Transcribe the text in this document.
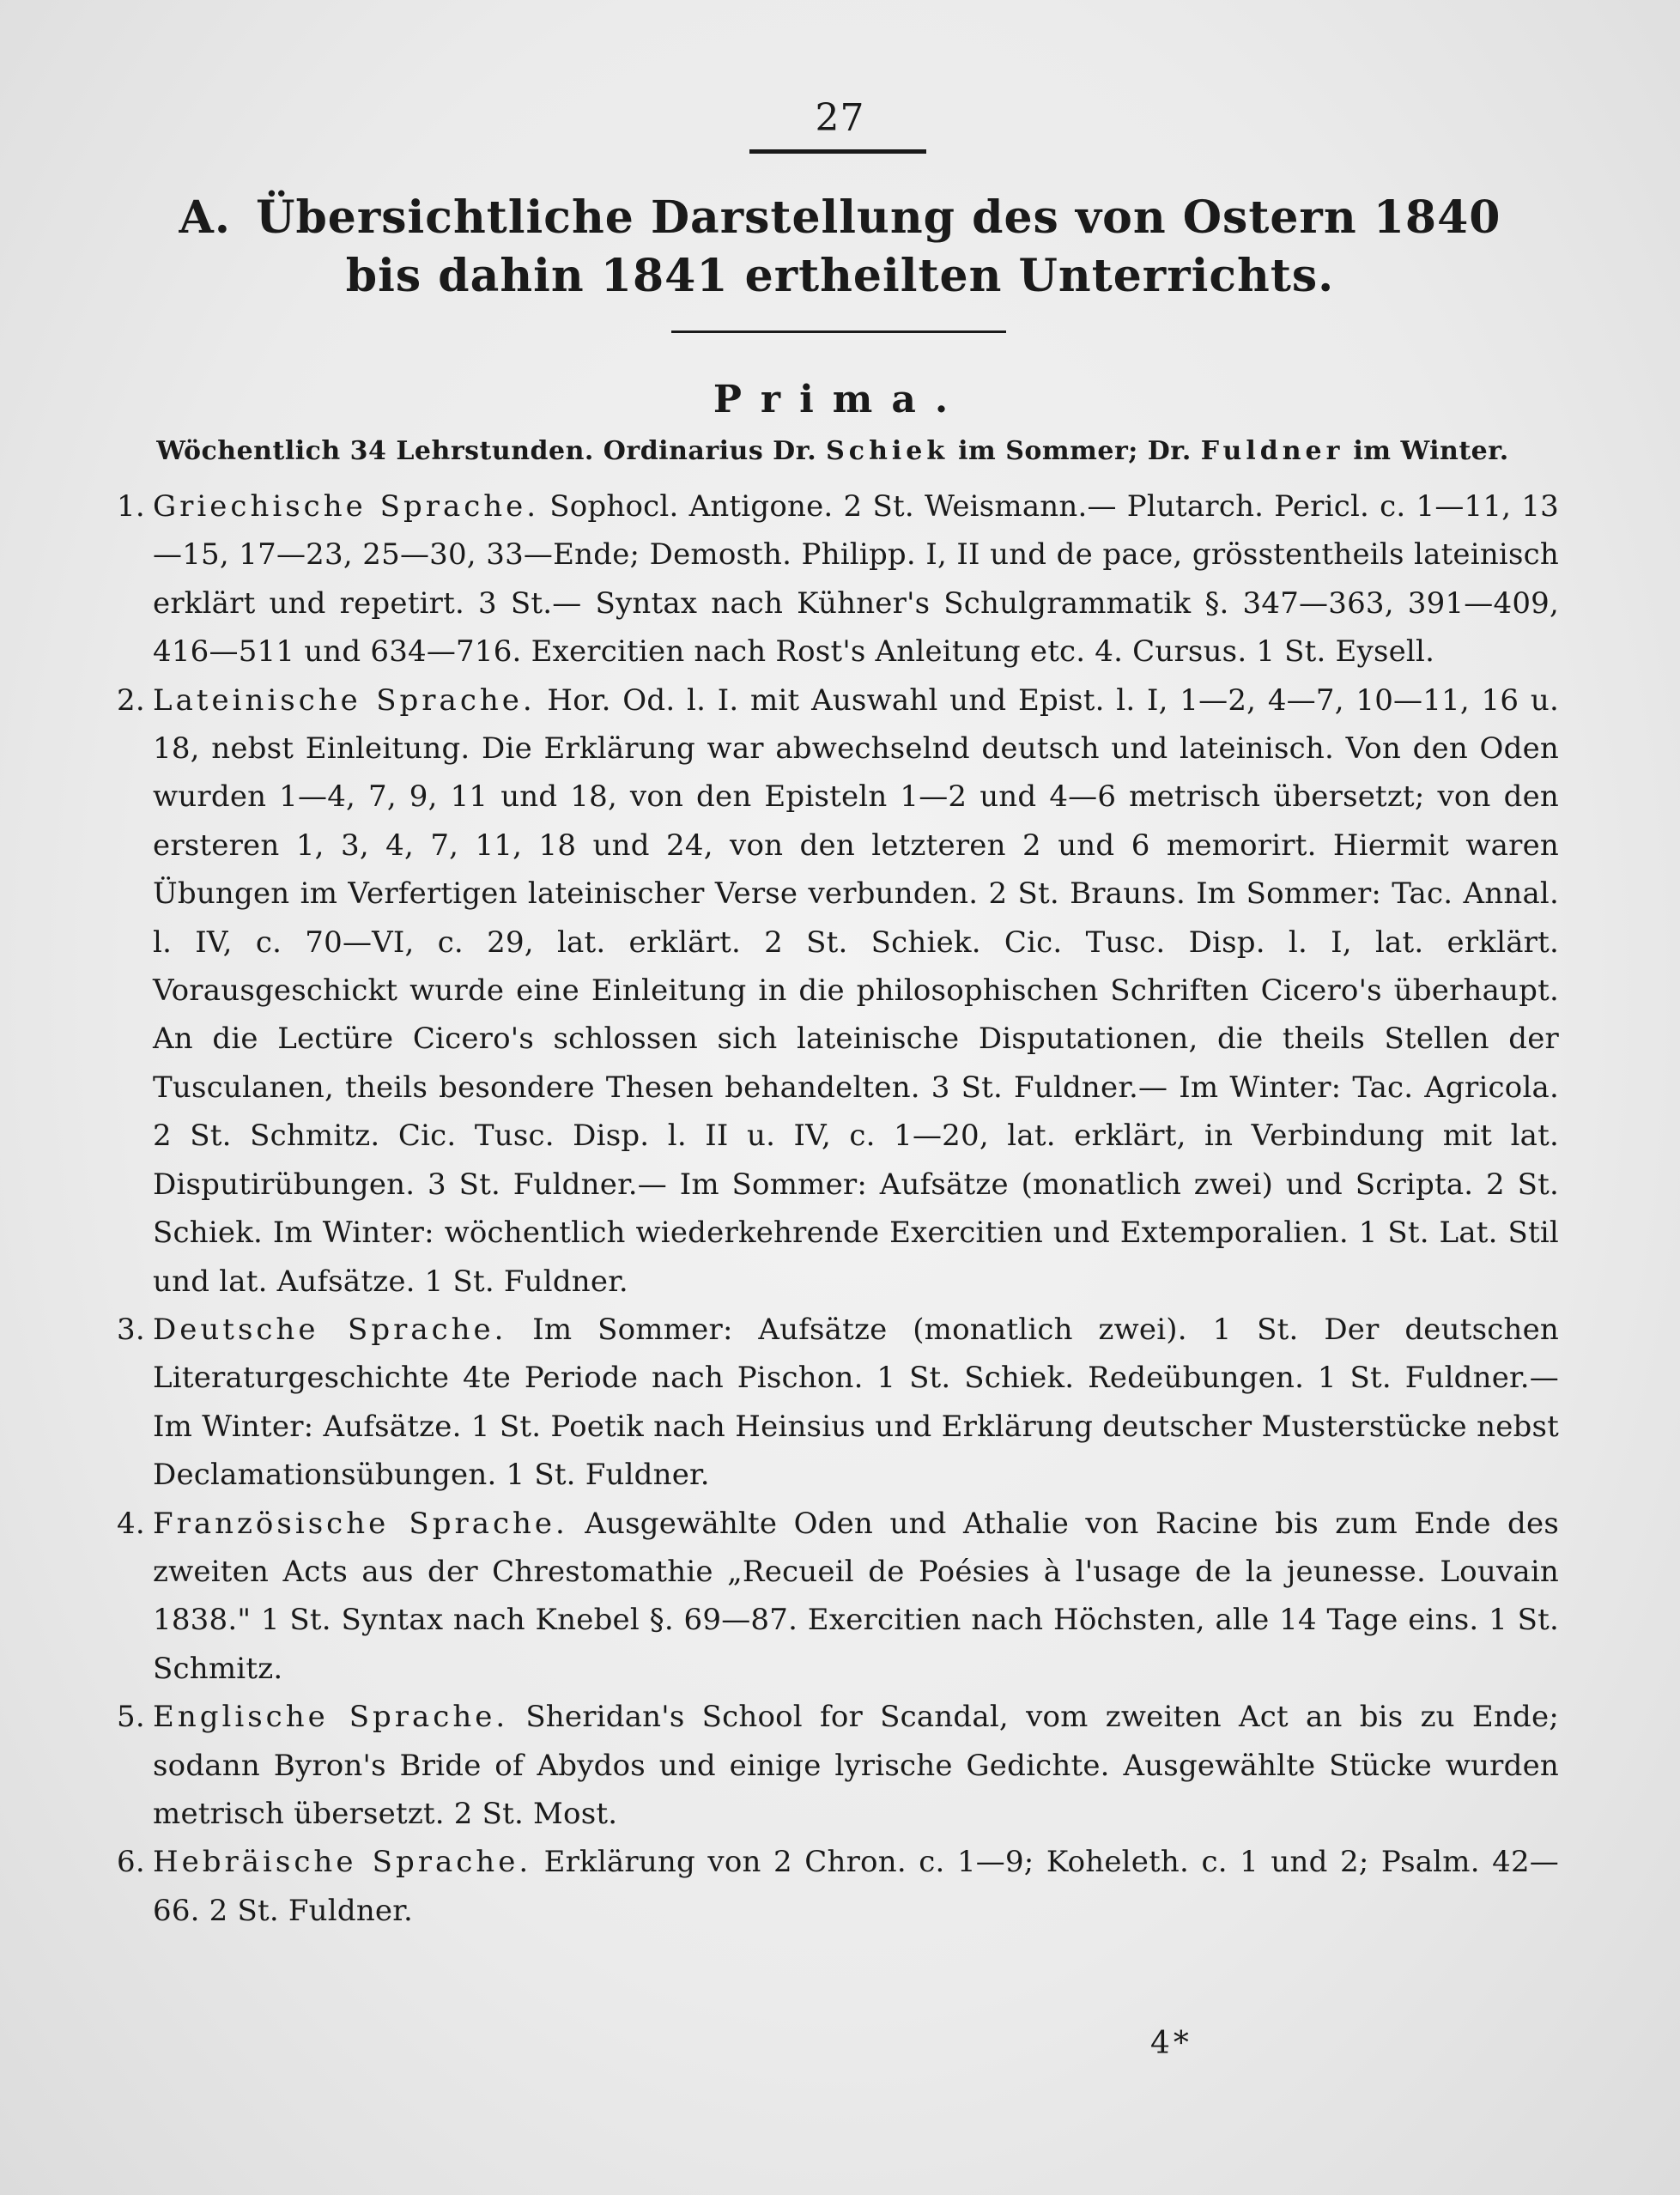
27
A. Übersichtliche Darstellung des von Ostern 1840
bis dahin 1841 ertheilten Unterrichts.
Prima.
Wöchentlich 34 Lehrstunden. Ordinarius Dr. Schiek im Sommer; Dr. Fuldner im Winter.
1. Griechische Sprache. Sophocl. Antigone. 2 St. Weismann.— Plutarch. Pericl. c. 1—11, 13—15, 17—23, 25—30, 33—Ende; Demosth. Philipp. I, II und de pace, grösstentheils lateinisch erklärt und repetirt. 3 St.— Syntax nach Kühner's Schulgrammatik §. 347—363, 391—409, 416—511 und 634—716. Exercitien nach Rost's Anleitung etc. 4. Cursus. 1 St. Eysell.
2. Lateinische Sprache. Hor. Od. l. I. mit Auswahl und Epist. l. I, 1—2, 4—7, 10—11, 16 u. 18, nebst Einleitung. Die Erklärung war abwechselnd deutsch und lateinisch. Von den Oden wurden 1—4, 7, 9, 11 und 18, von den Episteln 1—2 und 4—6 metrisch übersetzt; von den ersteren 1, 3, 4, 7, 11, 18 und 24, von den letzteren 2 und 6 memorirt. Hiermit waren Übungen im Verfertigen lateinischer Verse verbunden. 2 St. Brauns. Im Sommer: Tac. Annal. l. IV, c. 70—VI, c. 29, lat. erklärt. 2 St. Schiek. Cic. Tusc. Disp. l. I, lat. erklärt. Vorausgeschickt wurde eine Einleitung in die philosophischen Schriften Cicero's überhaupt. An die Lectüre Cicero's schlossen sich lateinische Disputationen, die theils Stellen der Tusculanen, theils besondere Thesen behandelten. 3 St. Fuldner.— Im Winter: Tac. Agricola. 2 St. Schmitz. Cic. Tusc. Disp. l. II u. IV, c. 1—20, lat. erklärt, in Verbindung mit lat. Disputirübungen. 3 St. Fuldner.— Im Sommer: Aufsätze (monatlich zwei) und Scripta. 2 St. Schiek. Im Winter: wöchentlich wiederkehrende Exercitien und Extemporalien. 1 St. Lat. Stil und lat. Aufsätze. 1 St. Fuldner.
3. Deutsche Sprache. Im Sommer: Aufsätze (monatlich zwei). 1 St. Der deutschen Literaturgeschichte 4te Periode nach Pischon. 1 St. Schiek. Redeübungen. 1 St. Fuldner.— Im Winter: Aufsätze. 1 St. Poetik nach Heinsius und Erklärung deutscher Musterstücke nebst Declamationsübungen. 1 St. Fuldner.
4. Französische Sprache. Ausgewählte Oden und Athalie von Racine bis zum Ende des zweiten Acts aus der Chrestomathie „Recueil de Poésies à l'usage de la jeunesse. Louvain 1838." 1 St. Syntax nach Knebel §. 69—87. Exercitien nach Höchsten, alle 14 Tage eins. 1 St. Schmitz.
5. Englische Sprache. Sheridan's School for Scandal, vom zweiten Act an bis zu Ende; sodann Byron's Bride of Abydos und einige lyrische Gedichte. Ausgewählte Stücke wurden metrisch übersetzt. 2 St. Most.
6. Hebräische Sprache. Erklärung von 2 Chron. c. 1—9; Koheleth. c. 1 und 2; Psalm. 42—66. 2 St. Fuldner.
4*
